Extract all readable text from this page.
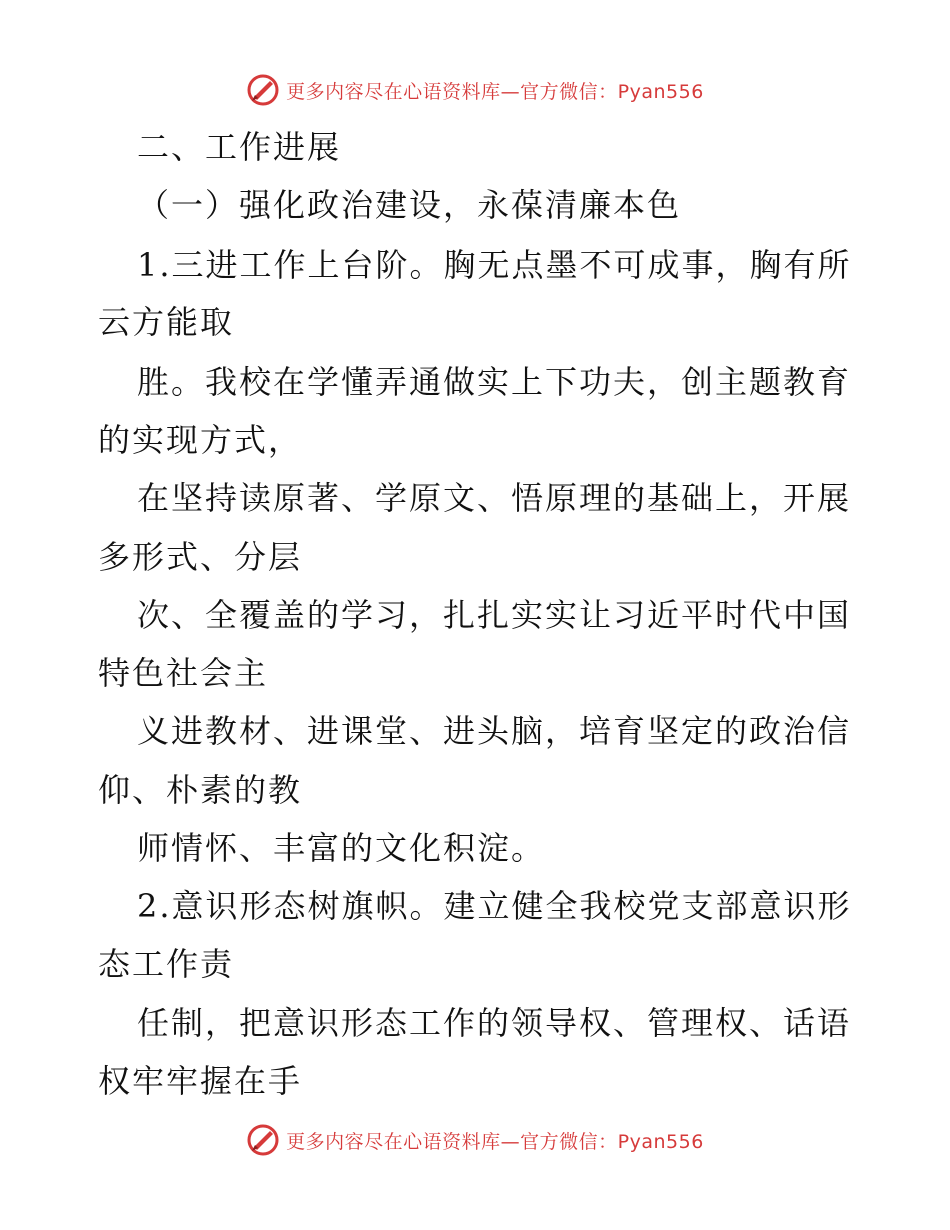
更多内容尽在心语资料库—官方微信：Pyan556
二、工作进展
（一）强化政治建设，永葆清廉本色
1.三进工作上台阶。胸无点墨不可成事，胸有所
云方能取
胜。我校在学懂弄通做实上下功夫，创主题教育
的实现方式，
在坚持读原著、学原文、悟原理的基础上，开展
多形式、分层
次、全覆盖的学习，扎扎实实让习近平时代中国
特色社会主
义进教材、进课堂、进头脑，培育坚定的政治信
仰、朴素的教
师情怀、丰富的文化积淀。
2.意识形态树旗帜。建立健全我校党支部意识形
态工作责
任制，把意识形态工作的领导权、管理权、话语
权牢牢握在手
更多内容尽在心语资料库—官方微信：Pyan556
